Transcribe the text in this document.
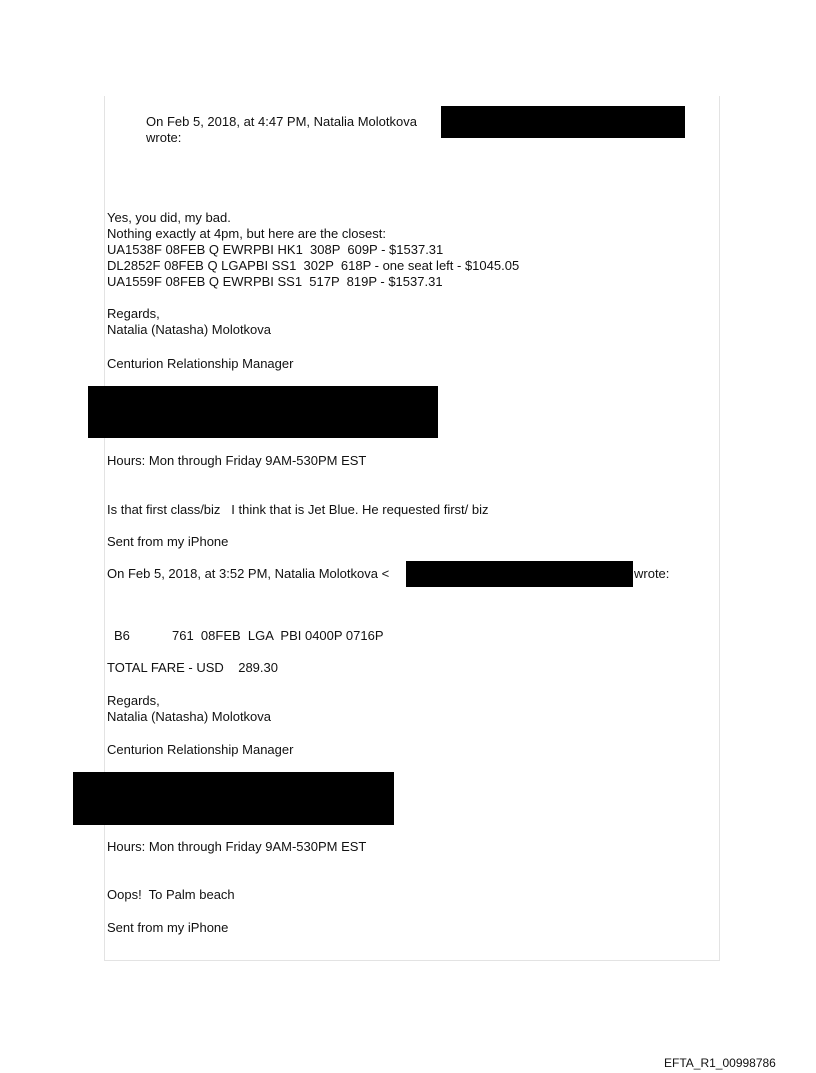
On Feb 5, 2018, at 4:47 PM, Natalia Molotkova
wrote:
Yes, you did, my bad.
Nothing exactly at 4pm, but here are the closest:
UA1538F 08FEB Q EWRPBI HK1  308P  609P - $1537.31
DL2852F 08FEB Q LGAPBI SS1  302P  618P - one seat left - $1045.05
UA1559F 08FEB Q EWRPBI SS1  517P  819P - $1537.31
Regards,
Natalia (Natasha) Molotkova
Centurion Relationship Manager
Hours: Mon through Friday 9AM-530PM EST
Is that first class/biz   I think that is Jet Blue. He requested first/ biz
Sent from my iPhone
On Feb 5, 2018, at 3:52 PM, Natalia Molotkova <	wrote:
B6	761  08FEB  LGA  PBI 0400P 0716P
TOTAL FARE - USD    289.30
Regards,
Natalia (Natasha) Molotkova
Centurion Relationship Manager
Hours: Mon through Friday 9AM-530PM EST
Oops!  To Palm beach
Sent from my iPhone
EFTA_R1_00998786
